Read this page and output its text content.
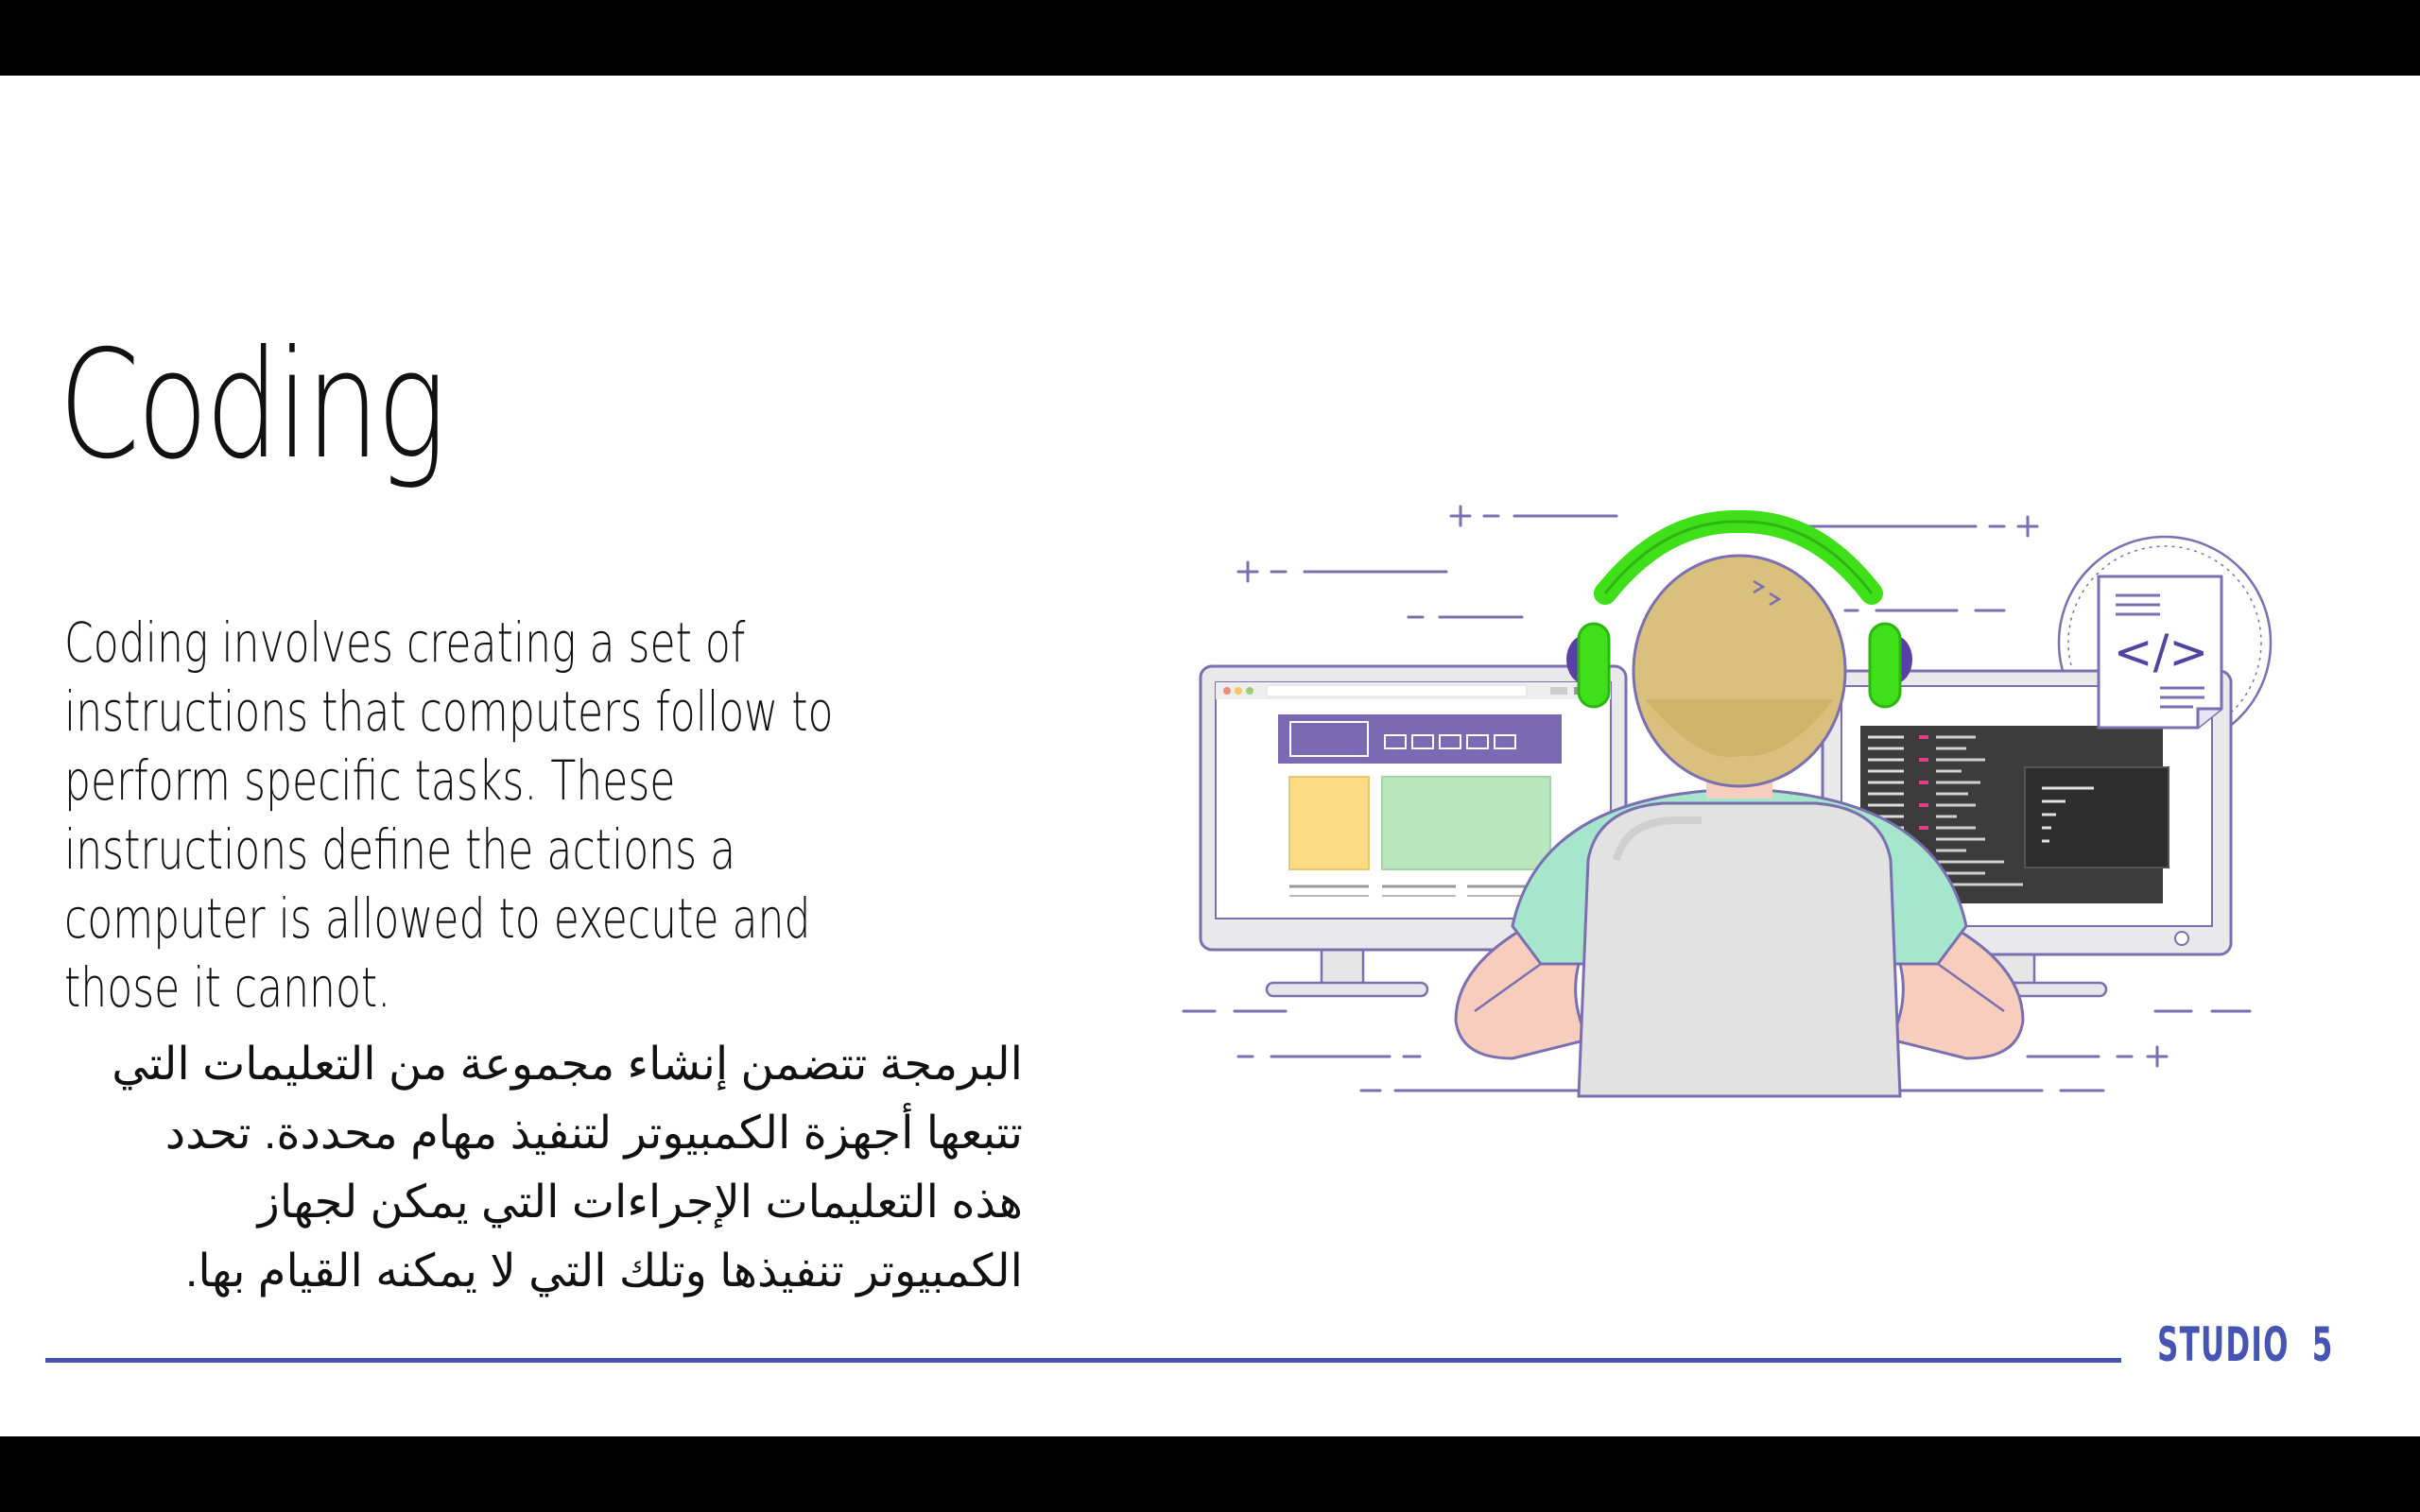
Coding

Coding involves creating a set of
instructions that computers follow to
perform specific tasks. These
instructions define the actions a
computer is allowed to execute and
those it cannot.

البرمجة تتضمن إنشاء مجموعة من التعليمات التي تتبعها أجهزة الكمبيوتر لتنفيذ مهام محددة. تحدد هذه التعليمات الإجراءات التي يمكن لجهاز الكمبيوتر تنفيذها وتلك التي لا يمكنه القيام بها.

STUDIO  5
</>
